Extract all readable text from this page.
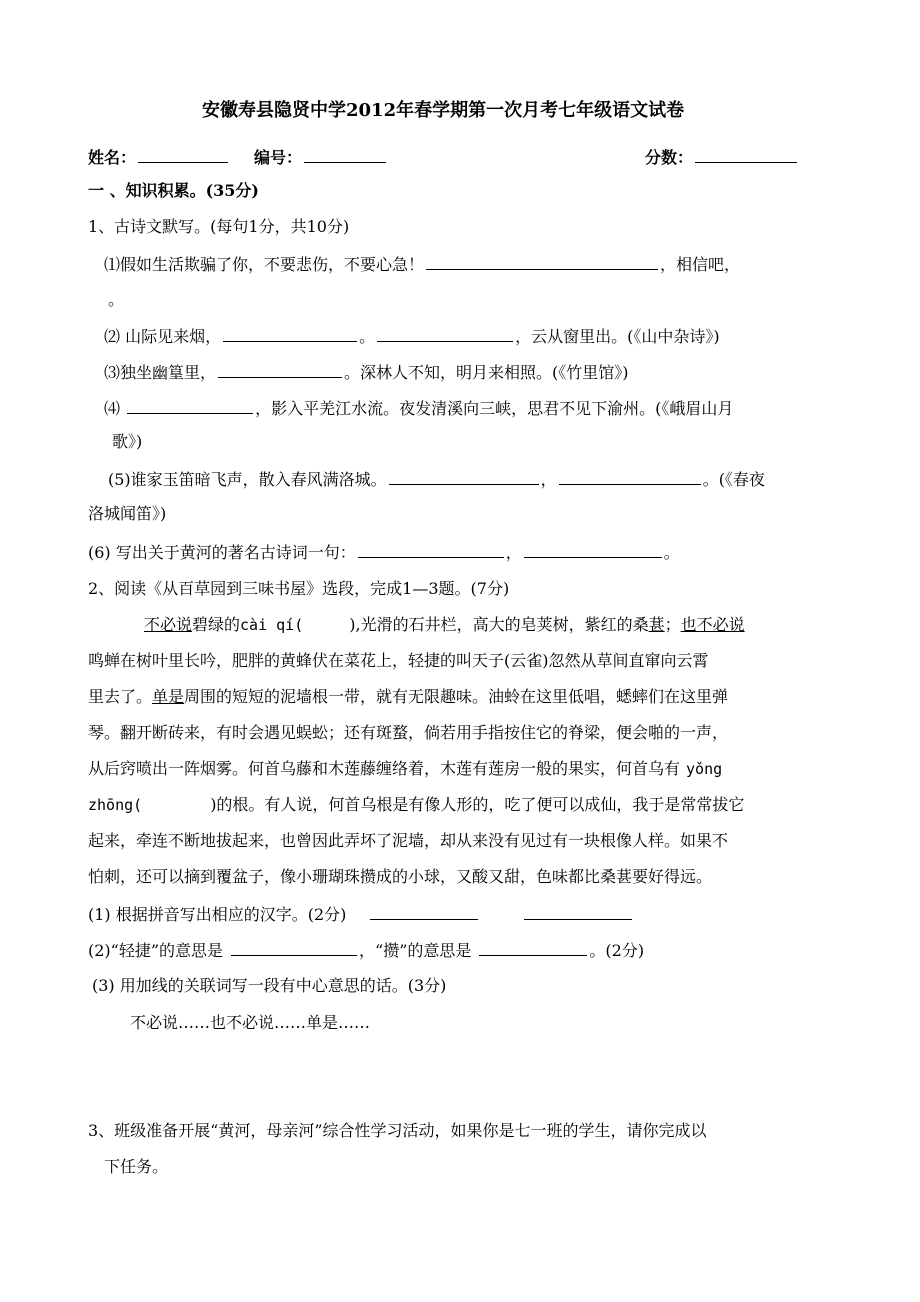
安徽寿县隐贤中学2012年春学期第一次月考七年级语文试卷
姓名：	编号：	分数：
一 、知识积累。(35分)
1、古诗文默写。(每句1分，共10分)
⑴假如生活欺骗了你，不要悲伤，不要心急！	，相信吧，
。
⑵ 山际见来烟，	。	，云从窗里出。(《山中杂诗》)
⑶独坐幽篁里，	。深林人不知，明月来相照。(《竹里馆》)
⑷	，影入平羌江水流。夜发清溪向三峡，思君不见下渝州。(《峨眉山月
歌》)
(5)谁家玉笛暗飞声，散入春风满洛城。	，	。(《春夜
洛城闻笛》)
(6) 写出关于黄河的著名古诗词一句：	，	。
2、阅读《从百草园到三味书屋》选段，完成1—3题。(7分)
不必说碧绿的cài qí(	),光滑的石井栏，高大的皂荚树，紫红的桑葚；也不必说
鸣蝉在树叶里长吟，肥胖的黄蜂伏在菜花上，轻捷的叫天子(云雀)忽然从草间直窜向云霄
里去了。单是周围的短短的泥墙根一带，就有无限趣味。油蛉在这里低唱，蟋蟀们在这里弹
琴。翻开断砖来，有时会遇见蜈蚣；还有斑蝥，倘若用手指按住它的脊梁，便会啪的一声，
从后窍喷出一阵烟雾。何首乌藤和木莲藤缠络着，木莲有莲房一般的果实，何首乌有 yǒng
zhōng(	)的根。有人说，何首乌根是有像人形的，吃了便可以成仙，我于是常常拔它
起来，牵连不断地拔起来，也曾因此弄坏了泥墙，却从来没有见过有一块根像人样。如果不
怕刺，还可以摘到覆盆子，像小珊瑚珠攒成的小球，又酸又甜，色味都比桑葚要好得远。
(1) 根据拼音写出相应的汉字。(2分)
(2)“轻捷”的意思是	，“攒”的意思是	。(2分)
(3) 用加线的关联词写一段有中心意思的话。(3分)
不必说……也不必说……单是……
3、班级准备开展“黄河，母亲河”综合性学习活动，如果你是七一班的学生，请你完成以
下任务。
